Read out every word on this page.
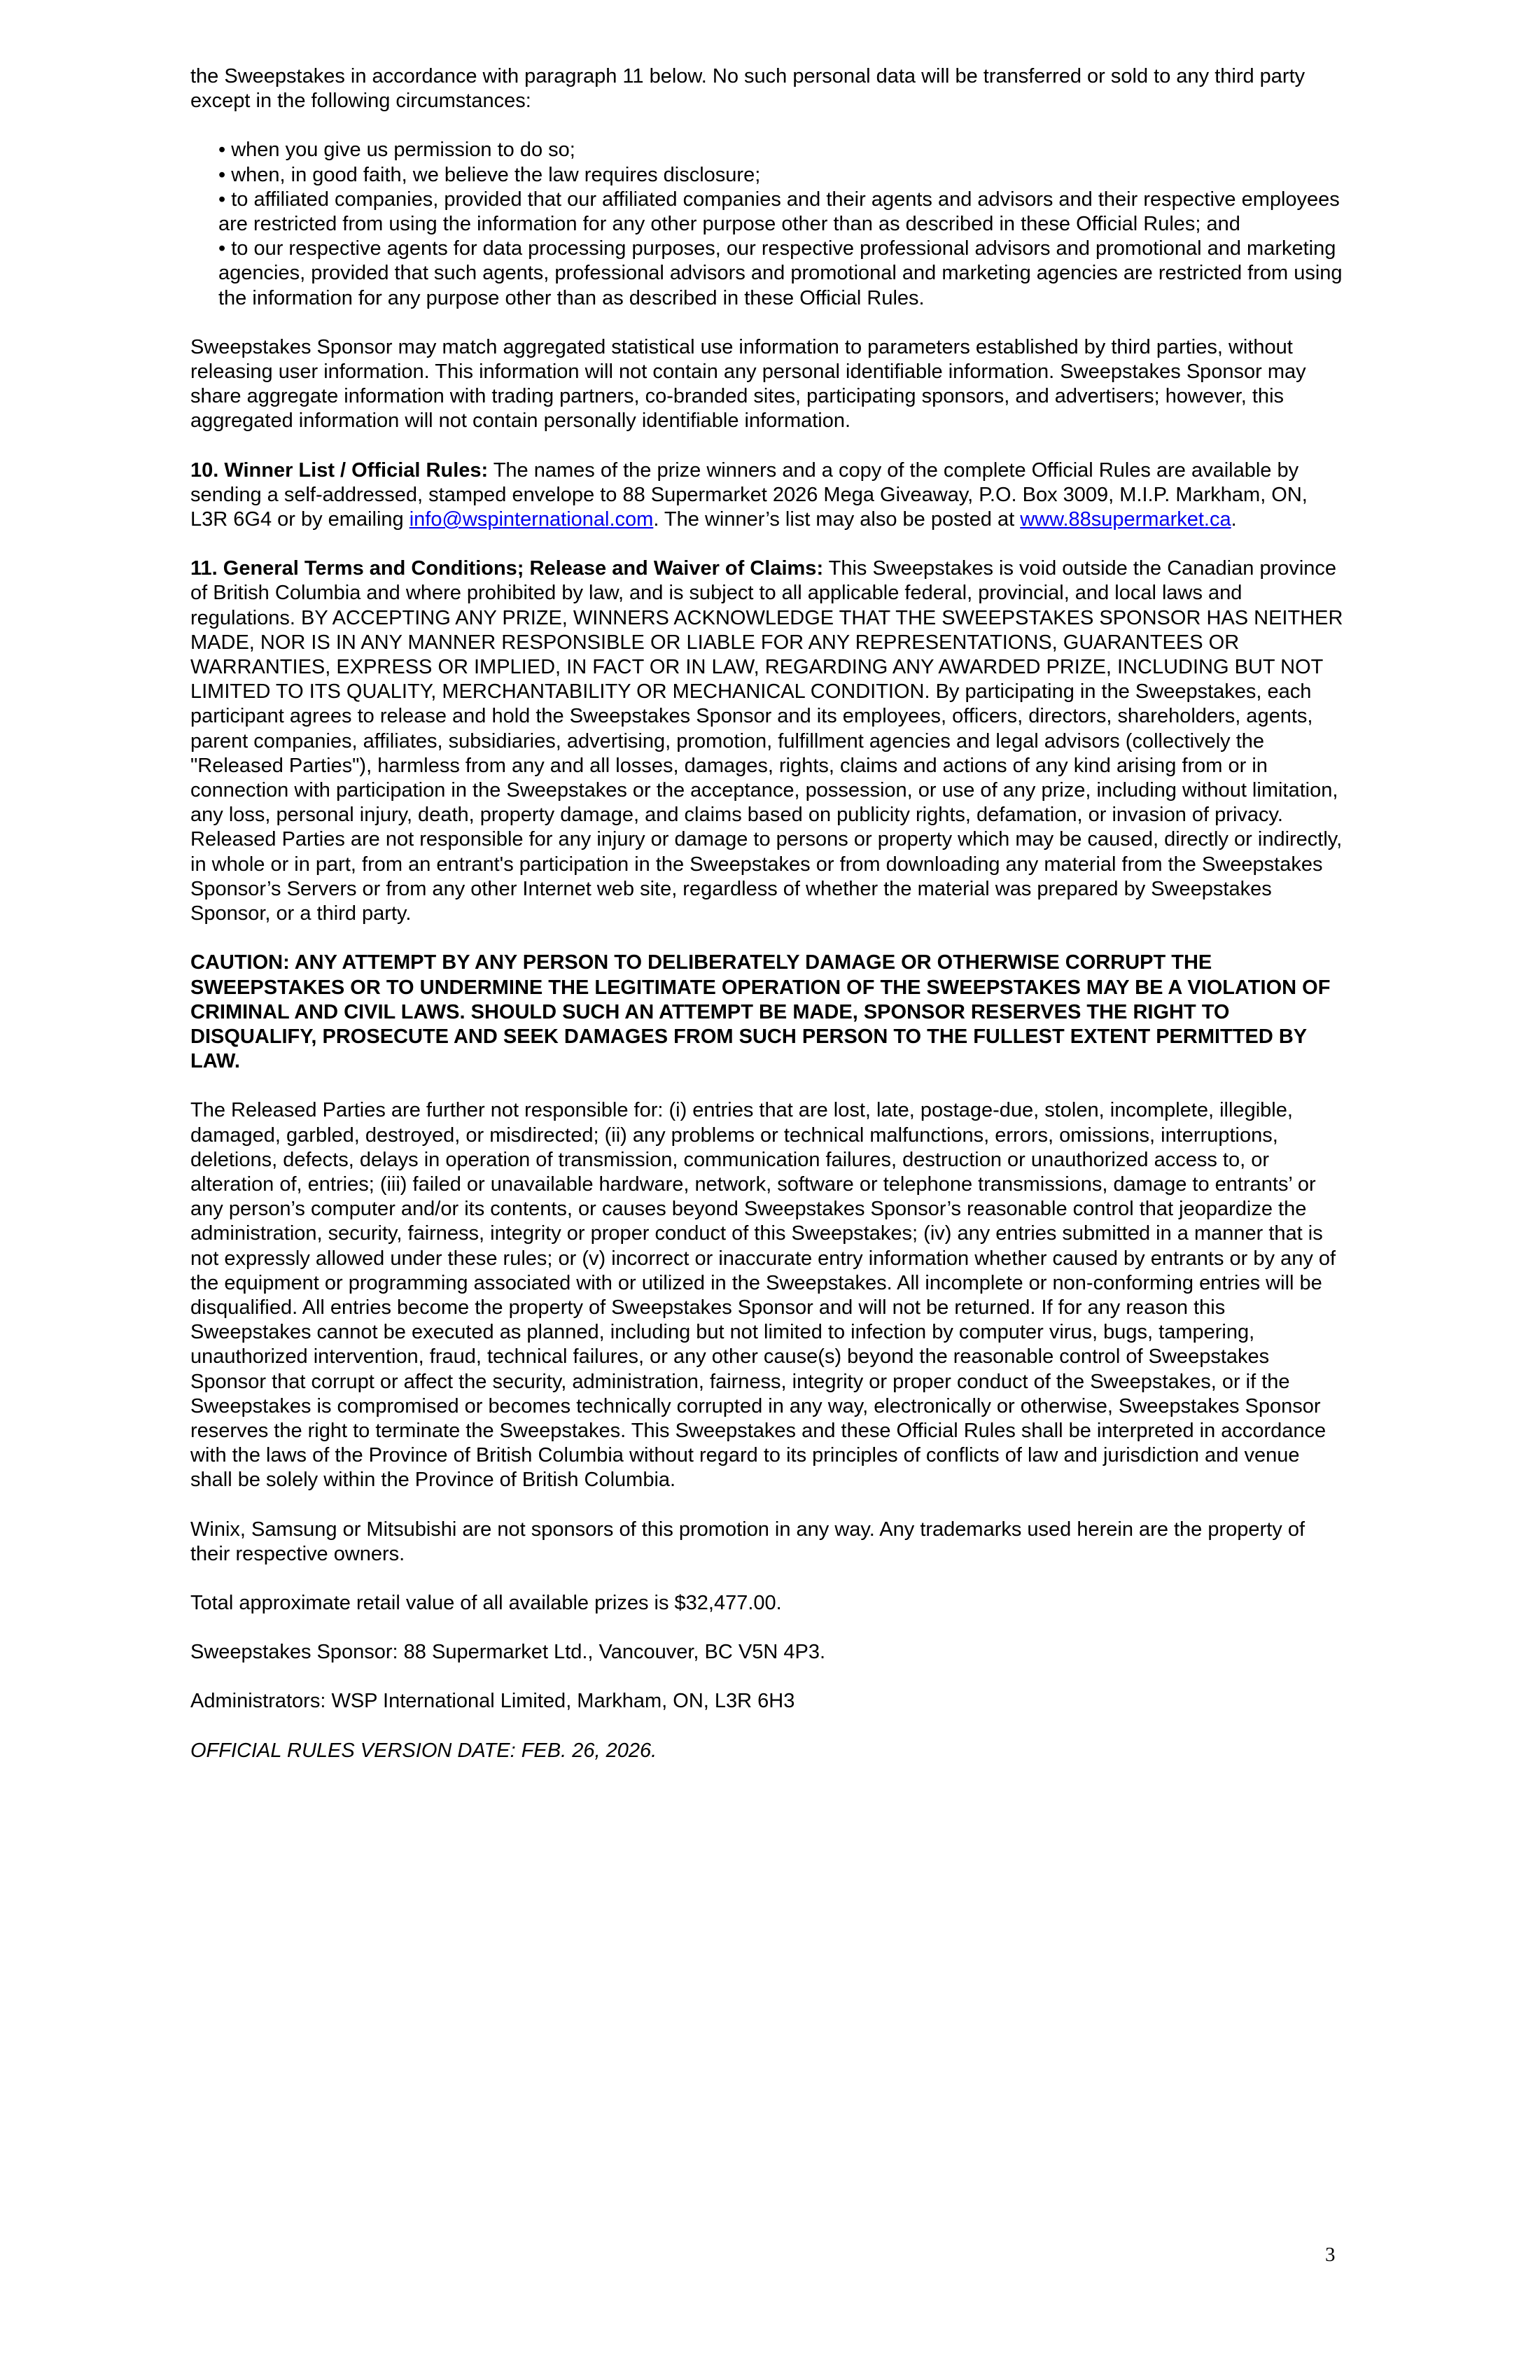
the Sweepstakes in accordance with paragraph 11 below. No such personal data will be transferred or sold to any third party except in the following circumstances:

• when you give us permission to do so;
• when, in good faith, we believe the law requires disclosure;
• to affiliated companies, provided that our affiliated companies and their agents and advisors and their respective employees are restricted from using the information for any other purpose other than as described in these Official Rules; and
• to our respective agents for data processing purposes, our respective professional advisors and promotional and marketing agencies, provided that such agents, professional advisors and promotional and marketing agencies are restricted from using the information for any purpose other than as described in these Official Rules.

Sweepstakes Sponsor may match aggregated statistical use information to parameters established by third parties, without releasing user information. This information will not contain any personal identifiable information. Sweepstakes Sponsor may share aggregate information with trading partners, co-branded sites, participating sponsors, and advertisers; however, this aggregated information will not contain personally identifiable information.

10. Winner List / Official Rules: The names of the prize winners and a copy of the complete Official Rules are available by sending a self-addressed, stamped envelope to 88 Supermarket 2026 Mega Giveaway, P.O. Box 3009, M.I.P. Markham, ON, L3R 6G4 or by emailing info@wspinternational.com. The winner’s list may also be posted at www.88supermarket.ca.

11. General Terms and Conditions; Release and Waiver of Claims: This Sweepstakes is void outside the Canadian province of British Columbia and where prohibited by law, and is subject to all applicable federal, provincial, and local laws and regulations. BY ACCEPTING ANY PRIZE, WINNERS ACKNOWLEDGE THAT THE SWEEPSTAKES SPONSOR HAS NEITHER MADE, NOR IS IN ANY MANNER RESPONSIBLE OR LIABLE FOR ANY REPRESENTATIONS, GUARANTEES OR WARRANTIES, EXPRESS OR IMPLIED, IN FACT OR IN LAW, REGARDING ANY AWARDED PRIZE, INCLUDING BUT NOT LIMITED TO ITS QUALITY, MERCHANTABILITY OR MECHANICAL CONDITION. By participating in the Sweepstakes, each participant agrees to release and hold the Sweepstakes Sponsor and its employees, officers, directors, shareholders, agents, parent companies, affiliates, subsidiaries, advertising, promotion, fulfillment agencies and legal advisors (collectively the "Released Parties"), harmless from any and all losses, damages, rights, claims and actions of any kind arising from or in connection with participation in the Sweepstakes or the acceptance, possession, or use of any prize, including without limitation, any loss, personal injury, death, property damage, and claims based on publicity rights, defamation, or invasion of privacy. Released Parties are not responsible for any injury or damage to persons or property which may be caused, directly or indirectly, in whole or in part, from an entrant's participation in the Sweepstakes or from downloading any material from the Sweepstakes Sponsor’s Servers or from any other Internet web site, regardless of whether the material was prepared by Sweepstakes Sponsor, or a third party.

CAUTION: ANY ATTEMPT BY ANY PERSON TO DELIBERATELY DAMAGE OR OTHERWISE CORRUPT THE SWEEPSTAKES OR TO UNDERMINE THE LEGITIMATE OPERATION OF THE SWEEPSTAKES MAY BE A VIOLATION OF CRIMINAL AND CIVIL LAWS. SHOULD SUCH AN ATTEMPT BE MADE, SPONSOR RESERVES THE RIGHT TO DISQUALIFY, PROSECUTE AND SEEK DAMAGES FROM SUCH PERSON TO THE FULLEST EXTENT PERMITTED BY LAW.

The Released Parties are further not responsible for: (i) entries that are lost, late, postage-due, stolen, incomplete, illegible, damaged, garbled, destroyed, or misdirected; (ii) any problems or technical malfunctions, errors, omissions, interruptions, deletions, defects, delays in operation of transmission, communication failures, destruction or unauthorized access to, or alteration of, entries; (iii) failed or unavailable hardware, network, software or telephone transmissions, damage to entrants’ or any person’s computer and/or its contents, or causes beyond Sweepstakes Sponsor’s reasonable control that jeopardize the administration, security, fairness, integrity or proper conduct of this Sweepstakes; (iv) any entries submitted in a manner that is not expressly allowed under these rules; or (v) incorrect or inaccurate entry information whether caused by entrants or by any of the equipment or programming associated with or utilized in the Sweepstakes. All incomplete or non-conforming entries will be disqualified. All entries become the property of Sweepstakes Sponsor and will not be returned. If for any reason this Sweepstakes cannot be executed as planned, including but not limited to infection by computer virus, bugs, tampering, unauthorized intervention, fraud, technical failures, or any other cause(s) beyond the reasonable control of Sweepstakes Sponsor that corrupt or affect the security, administration, fairness, integrity or proper conduct of the Sweepstakes, or if the Sweepstakes is compromised or becomes technically corrupted in any way, electronically or otherwise, Sweepstakes Sponsor reserves the right to terminate the Sweepstakes. This Sweepstakes and these Official Rules shall be interpreted in accordance with the laws of the Province of British Columbia without regard to its principles of conflicts of law and jurisdiction and venue shall be solely within the Province of British Columbia.

Winix, Samsung or Mitsubishi are not sponsors of this promotion in any way. Any trademarks used herein are the property of their respective owners.

Total approximate retail value of all available prizes is $32,477.00.

Sweepstakes Sponsor: 88 Supermarket Ltd., Vancouver, BC V5N 4P3.

Administrators: WSP International Limited, Markham, ON, L3R 6H3

OFFICIAL RULES VERSION DATE: FEB. 26, 2026.

3
